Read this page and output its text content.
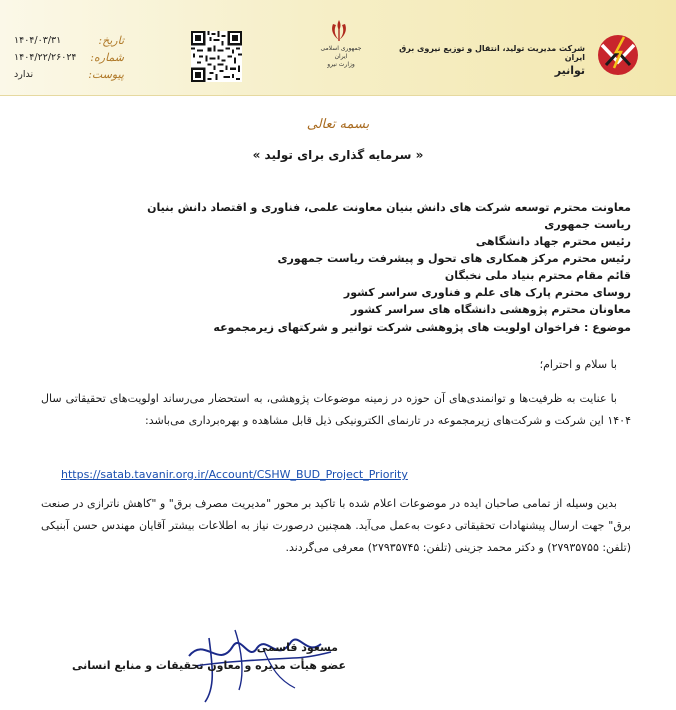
تاریخ:
۱۴۰۴/۰۳/۳۱
شماره:
۱۴۰۴/۲۲/۲۶۰۲۴
پیوست:
ندارد
جمهوری اسلامی ایران
وزارت نیرو
شرکت مدیریت تولید، انتقال و توزیع نیروی برق ایران
توانیر
بسمه تعالی
« سرمایه گذاری برای تولید »
معاونت محترم توسعه شرکت های دانش بنیان معاونت علمی، فناوری و اقتصاد دانش بنیان ریاست جمهوری
رئیس محترم جهاد دانشگاهی
رئیس محترم مرکز همکاری های تحول و پیشرفت ریاست جمهوری
قائم مقام محترم بنیاد ملی نخبگان
روسای محترم پارک های علم و فناوری سراسر کشور
معاونان محترم پژوهشی دانشگاه های سراسر کشور
موضوع : فراخوان اولویت های پژوهشی شرکت توانیر و شرکتهای زیرمجموعه
با سلام و احترام؛
با عنایت به ظرفیت‌ها و توانمندی‌های آن حوزه در زمینه موضوعات پژوهشی، به استحضار می‌رساند اولویت‌های تحقیقاتی سال ۱۴۰۴ این شرکت و شرکت‌های زیرمجموعه در تارنمای الکترونیکی ذیل قابل مشاهده و بهره‌برداری می‌باشد:
https://satab.tavanir.org.ir/Account/CSHW_BUD_Project_Priority
بدین وسیله از تمامی صاحبان ایده در موضوعات اعلام شده با تاکید بر محور "مدیریت مصرف برق" و "کاهش ناترازی در صنعت برق" جهت ارسال پیشنهادات تحقیقاتی دعوت به‌عمل می‌آید. همچنین درصورت نیاز به اطلاعات بیشتر آقایان مهندس حسن آبنیکی (تلفن: ۲۷۹۳۵۷۵۵) و دکتر محمد جزینی (تلفن: ۲۷۹۳۵۷۴۵) معرفی می‌گردند.
مسعود قاسمی
عضو هیأت مدیره و معاون تحقیقات و منابع انسانی
